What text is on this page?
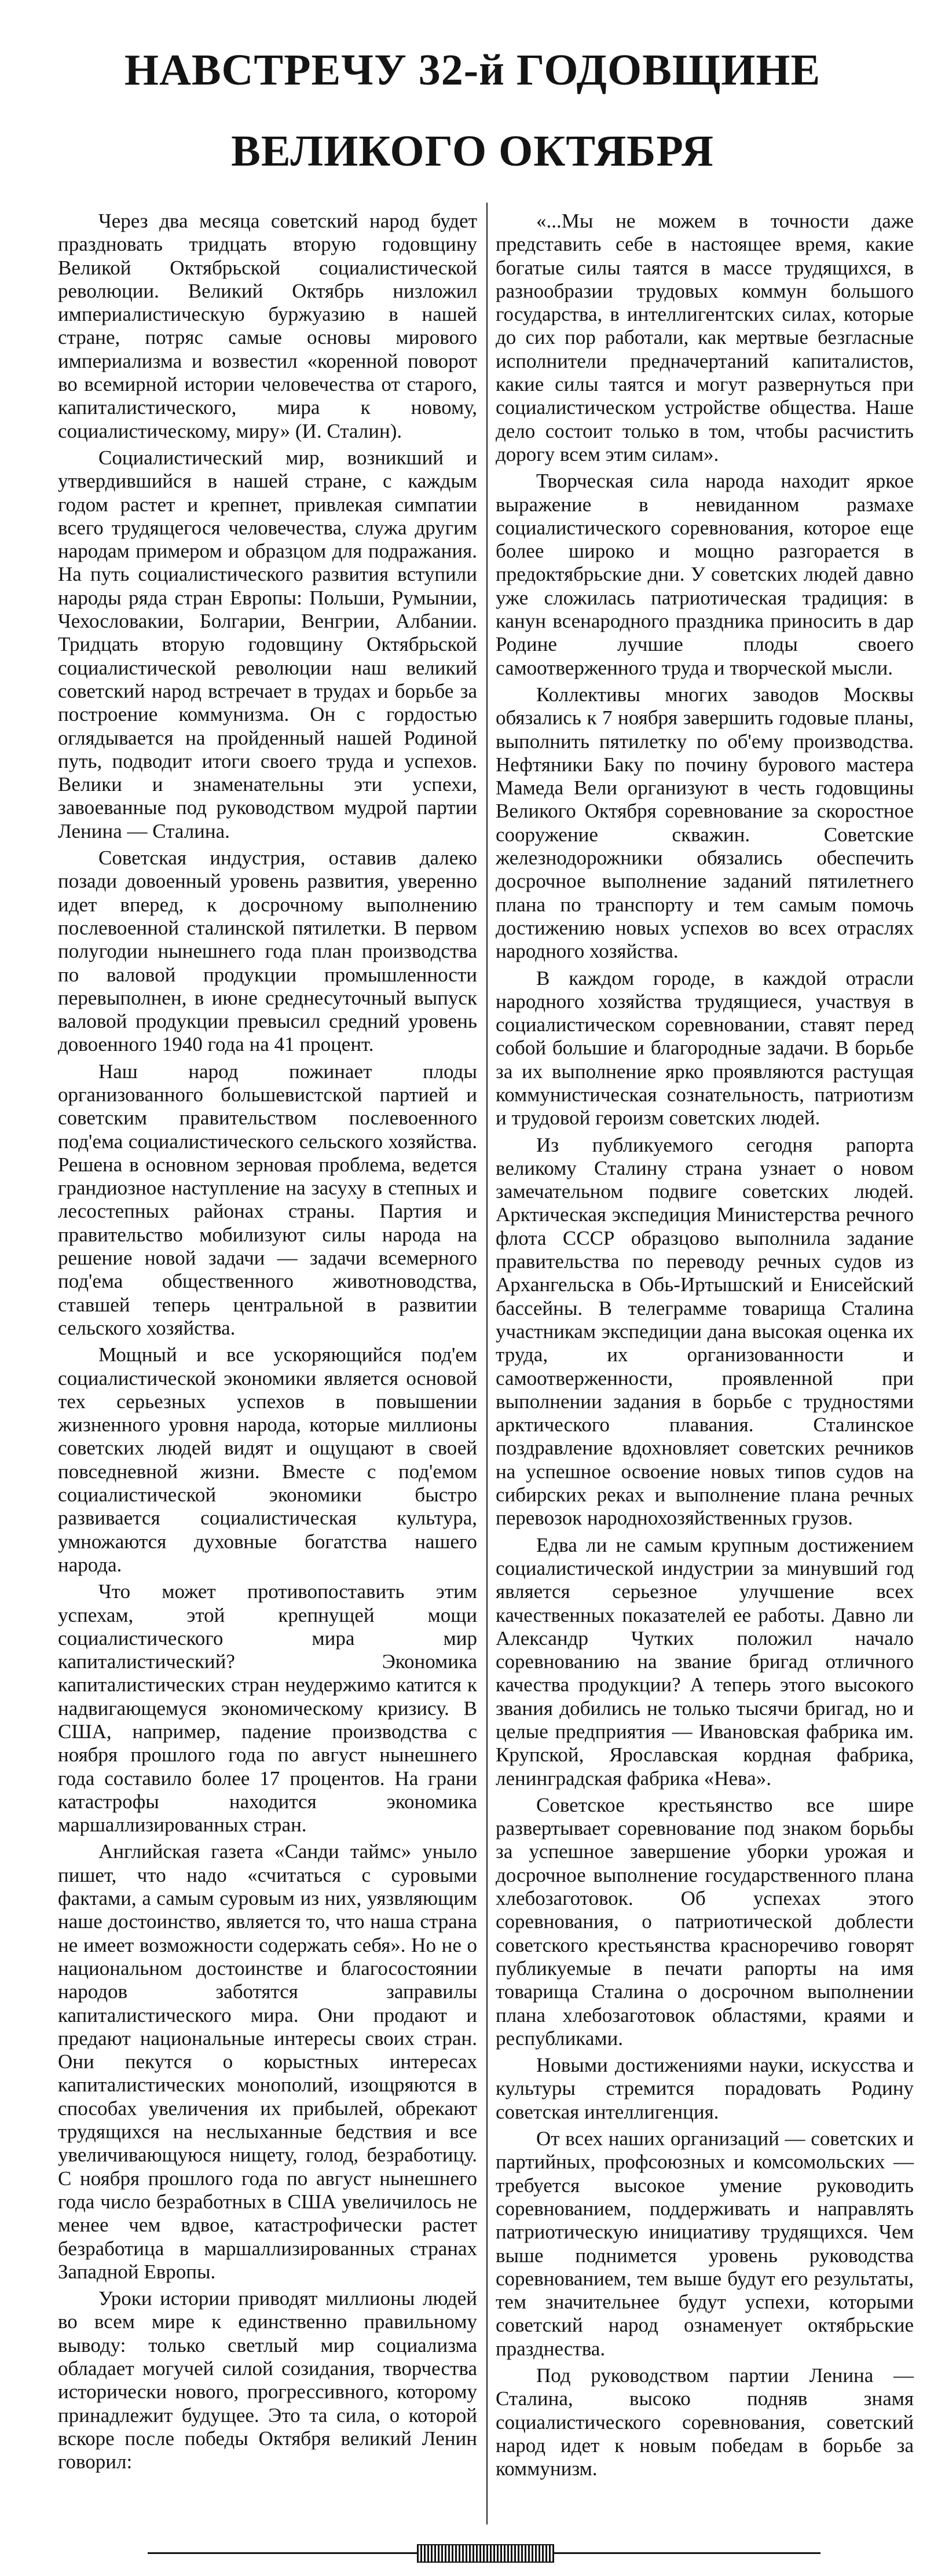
НАВСТРЕЧУ 32-й ГОДОВЩИНЕ
ВЕЛИКОГО ОКТЯБРЯ

Через два месяца советский народ будет праздновать тридцать вторую годовщину Великой Октябрьской социалистической революции. Великий Октябрь низложил империалистическую буржуазию в нашей стране, потряс самые основы мирового империализма и возвестил «коренной поворот во всемирной истории человечества от старого, капиталистического, мира к новому, социалистическому, миру» (И. Сталин).

Социалистический мир, возникший и утвердившийся в нашей стране, с каждым годом растет и крепнет, привлекая симпатии всего трудящегося человечества, служа другим народам примером и образцом для подражания. На путь социалистического развития вступили народы ряда стран Европы: Польши, Румынии, Чехословакии, Болгарии, Венгрии, Албании. Тридцать вторую годовщину Октябрьской социалистической революции наш великий советский народ встречает в трудах и борьбе за построение коммунизма. Он с гордостью оглядывается на пройденный нашей Родиной путь, подводит итоги своего труда и успехов. Велики и знаменательны эти успехи, завоеванные под руководством мудрой партии Ленина — Сталина.

Советская индустрия, оставив далеко позади довоенный уровень развития, уверенно идет вперед, к досрочному выполнению послевоенной сталинской пятилетки. В первом полугодии нынешнего года план производства по валовой продукции промышленности перевыполнен, в июне среднесуточный выпуск валовой продукции превысил средний уровень довоенного 1940 года на 41 процент.

Наш народ пожинает плоды организованного большевистской партией и советским правительством послевоенного под'ема социалистического сельского хозяйства. Решена в основном зерновая проблема, ведется грандиозное наступление на засуху в степных и лесостепных районах страны. Партия и правительство мобилизуют силы народа на решение новой задачи — задачи всемерного под'ема общественного животноводства, ставшей теперь центральной в развитии сельского хозяйства.

Мощный и все ускоряющийся под'ем социалистической экономики является основой тех серьезных успехов в повышении жизненного уровня народа, которые миллионы советских людей видят и ощущают в своей повседневной жизни. Вместе с под'емом социалистической экономики быстро развивается социалистическая культура, умножаются духовные богатства нашего народа.

Что может противопоставить этим успехам, этой крепнущей мощи социалистического мира мир капиталистический? Экономика капиталистических стран неудержимо катится к надвигающемуся экономическому кризису. В США, например, падение производства с ноября прошлого года по август нынешнего года составило более 17 процентов. На грани катастрофы находится экономика маршаллизированных стран.

Английская газета «Санди таймс» уныло пишет, что надо «считаться с суровыми фактами, а самым суровым из них, уязвляющим наше достоинство, является то, что наша страна не имеет возможности содержать себя». Но не о национальном достоинстве и благосостоянии народов заботятся заправилы капиталистического мира. Они продают и предают национальные интересы своих стран. Они пекутся о корыстных интересах капиталистических монополий, изощряются в способах увеличения их прибылей, обрекают трудящихся на неслыханные бедствия и все увеличивающуюся нищету, голод, безработицу. С ноября прошлого года по август нынешнего года число безработных в США увеличилось не менее чем вдвое, катастрофически растет безработица в маршаллизированных странах Западной Европы.

Уроки истории приводят миллионы людей во всем мире к единственно правильному выводу: только светлый мир социализма обладает могучей силой созидания, творчества исторически нового, прогрессивного, которому принадлежит будущее. Это та сила, о которой вскоре после победы Октября великий Ленин говорил:

«...Мы не можем в точности даже представить себе в настоящее время, какие богатые силы таятся в массе трудящихся, в разнообразии трудовых коммун большого государства, в интеллигентских силах, которые до сих пор работали, как мертвые безгласные исполнители предначертаний капиталистов, какие силы таятся и могут развернуться при социалистическом устройстве общества. Наше дело состоит только в том, чтобы расчистить дорогу всем этим силам».

Творческая сила народа находит яркое выражение в невиданном размахе социалистического соревнования, которое еще более широко и мощно разгорается в предоктябрьские дни. У советских людей давно уже сложилась патриотическая традиция: в канун всенародного праздника приносить в дар Родине лучшие плоды своего самоотверженного труда и творческой мысли.

Коллективы многих заводов Москвы обязались к 7 ноября завершить годовые планы, выполнить пятилетку по об'ему производства. Нефтяники Баку по почину бурового мастера Мамеда Вели организуют в честь годовщины Великого Октября соревнование за скоростное сооружение скважин. Советские железнодорожники обязались обеспечить досрочное выполнение заданий пятилетнего плана по транспорту и тем самым помочь достижению новых успехов во всех отраслях народного хозяйства.

В каждом городе, в каждой отрасли народного хозяйства трудящиеся, участвуя в социалистическом соревновании, ставят перед собой большие и благородные задачи. В борьбе за их выполнение ярко проявляются растущая коммунистическая сознательность, патриотизм и трудовой героизм советских людей.

Из публикуемого сегодня рапорта великому Сталину страна узнает о новом замечательном подвиге советских людей. Арктическая экспедиция Министерства речного флота СССР образцово выполнила задание правительства по переводу речных судов из Архангельска в Обь-Иртышский и Енисейский бассейны. В телеграмме товарища Сталина участникам экспедиции дана высокая оценка их труда, их организованности и самоотверженности, проявленной при выполнении задания в борьбе с трудностями арктического плавания. Сталинское поздравление вдохновляет советских речников на успешное освоение новых типов судов на сибирских реках и выполнение плана речных перевозок народнохозяйственных грузов.

Едва ли не самым крупным достижением социалистической индустрии за минувший год является серьезное улучшение всех качественных показателей ее работы. Давно ли Александр Чутких положил начало соревнованию на звание бригад отличного качества продукции? А теперь этого высокого звания добились не только тысячи бригад, но и целые предприятия — Ивановская фабрика им. Крупской, Ярославская кордная фабрика, ленинградская фабрика «Нева».

Советское крестьянство все шире развертывает соревнование под знаком борьбы за успешное завершение уборки урожая и досрочное выполнение государственного плана хлебозаготовок. Об успехах этого соревнования, о патриотической доблести советского крестьянства красноречиво говорят публикуемые в печати рапорты на имя товарища Сталина о досрочном выполнении плана хлебозаготовок областями, краями и республиками.

Новыми достижениями науки, искусства и культуры стремится порадовать Родину советская интеллигенция.

От всех наших организаций — советских и партийных, профсоюзных и комсомольских — требуется высокое умение руководить соревнованием, поддерживать и направлять патриотическую инициативу трудящихся. Чем выше поднимется уровень руководства соревнованием, тем выше будут его результаты, тем значительнее будут успехи, которыми советский народ ознаменует октябрьские празднества.

Под руководством партии Ленина — Сталина, высоко подняв знамя социалистического соревнования, советский народ идет к новым победам в борьбе за коммунизм.
